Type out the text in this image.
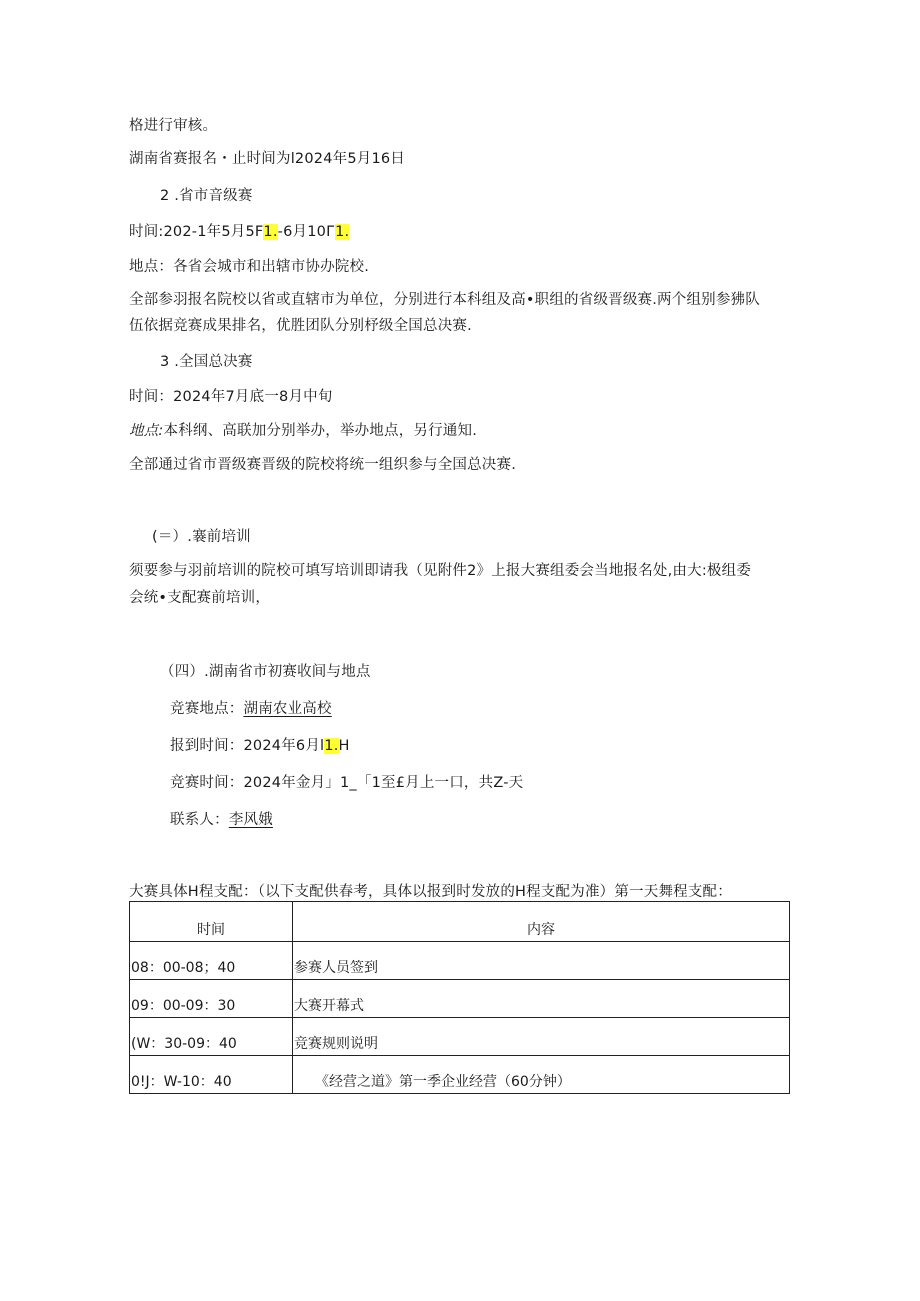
格进行审核。
湖南省赛报名・止时间为l2024年5月16日
2 .省市音级赛
时间:202-1年5月5F1.-6月10Г1.
地点：各省会城市和出辖市协办院校.
全部参羽报名院校以省或直辖市为单位，分别进行本科组及高•职组的省级晋级赛.两个组别参狒队
伍依据竞赛成果排名，优胜团队分别杼级全国总决赛.
3 .全国总决赛
时间：2024年7月底一8月中旬
地点:本科纲、高联加分别举办，举办地点，另行通知.
全部通过省市晋级赛晋级的院校将统一组织参与全国总决赛.
(＝）.褰前培训
须要参与羽前培训的院校可填写培训即请我（见附件2》上报大赛组委会当地报名处,由大:极组委
会统•支配赛前培训，
（四）.湖南省市初赛收间与地点
竞赛地点：湖南农业高校
报到时间：2024年6月l1.H
竞赛时间：2024年金月」1_「1至£月上一口，共Z-天
联系人：李风娥
大赛具体H程支配：（以下支配供春考，具体以报到时发放的H程支配为准）第一天舞程支配：
时间	内容
08：00-08；40	参赛人员签到
09：00-09：30	大赛开幕式
(W：30-09：40	竞赛规则说明
0!J：W-10：40	《经营之道》第一季企业经营（60分钟）
